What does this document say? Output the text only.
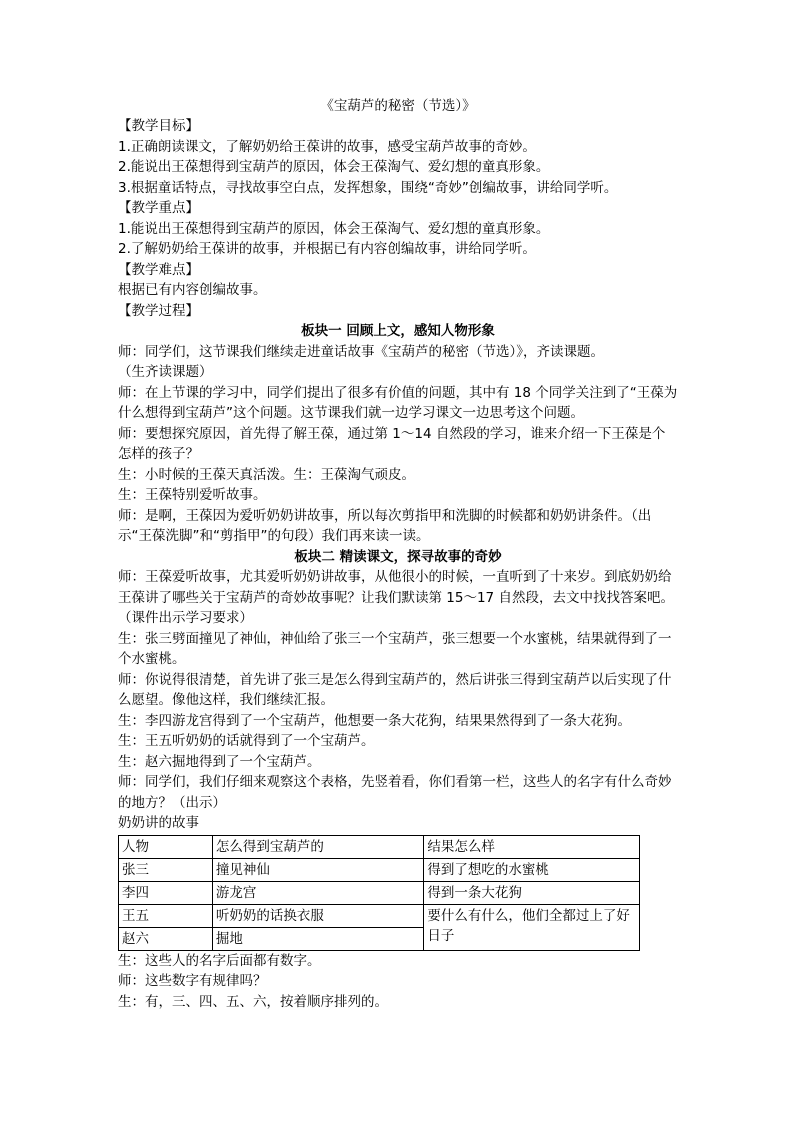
《宝葫芦的秘密（节选）》
【教学目标】
1.正确朗读课文，了解奶奶给王葆讲的故事，感受宝葫芦故事的奇妙。
2.能说出王葆想得到宝葫芦的原因，体会王葆淘气、爱幻想的童真形象。
3.根据童话特点，寻找故事空白点，发挥想象，围绕“奇妙”创编故事，讲给同学听。
【教学重点】
1.能说出王葆想得到宝葫芦的原因，体会王葆淘气、爱幻想的童真形象。
2.了解奶奶给王葆讲的故事，并根据已有内容创编故事，讲给同学听。
【教学难点】
根据已有内容创编故事。
【教学过程】
板块一 回顾上文，感知人物形象
师：同学们，这节课我们继续走进童话故事《宝葫芦的秘密（节选）》，齐读课题。
（生齐读课题）
师：在上节课的学习中，同学们提出了很多有价值的问题，其中有 18 个同学关注到了“王葆为什么想得到宝葫芦”这个问题。这节课我们就一边学习课文一边思考这个问题。
师：要想探究原因，首先得了解王葆，通过第 1～14 自然段的学习，谁来介绍一下王葆是个怎样的孩子？
生：小时候的王葆天真活泼。生：王葆淘气顽皮。
生：王葆特别爱听故事。
师：是啊，王葆因为爱听奶奶讲故事，所以每次剪指甲和洗脚的时候都和奶奶讲条件。（出示“王葆洗脚”和“剪指甲”的句段）我们再来读一读。
板块二 精读课文，探寻故事的奇妙
师：王葆爱听故事，尤其爱听奶奶讲故事，从他很小的时候，一直听到了十来岁。到底奶奶给王葆讲了哪些关于宝葫芦的奇妙故事呢？让我们默读第 15～17 自然段，去文中找找答案吧。（课件出示学习要求）
生：张三劈面撞见了神仙，神仙给了张三一个宝葫芦，张三想要一个水蜜桃，结果就得到了一个水蜜桃。
师：你说得很清楚，首先讲了张三是怎么得到宝葫芦的，然后讲张三得到宝葫芦以后实现了什么愿望。像他这样，我们继续汇报。
生：李四游龙宫得到了一个宝葫芦，他想要一条大花狗，结果果然得到了一条大花狗。
生：王五听奶奶的话就得到了一个宝葫芦。
生：赵六掘地得到了一个宝葫芦。
师：同学们，我们仔细来观察这个表格，先竖着看，你们看第一栏，这些人的名字有什么奇妙的地方？（出示）
奶奶讲的故事
人物	怎么得到宝葫芦的	结果怎么样
张三	撞见神仙	得到了想吃的水蜜桃
李四	游龙宫	得到一条大花狗
王五	听奶奶的话换衣服	要什么有什么，他们全都过上了好日子
赵六	掘地	
生：这些人的名字后面都有数字。
师：这些数字有规律吗？
生：有，三、四、五、六，按着顺序排列的。
